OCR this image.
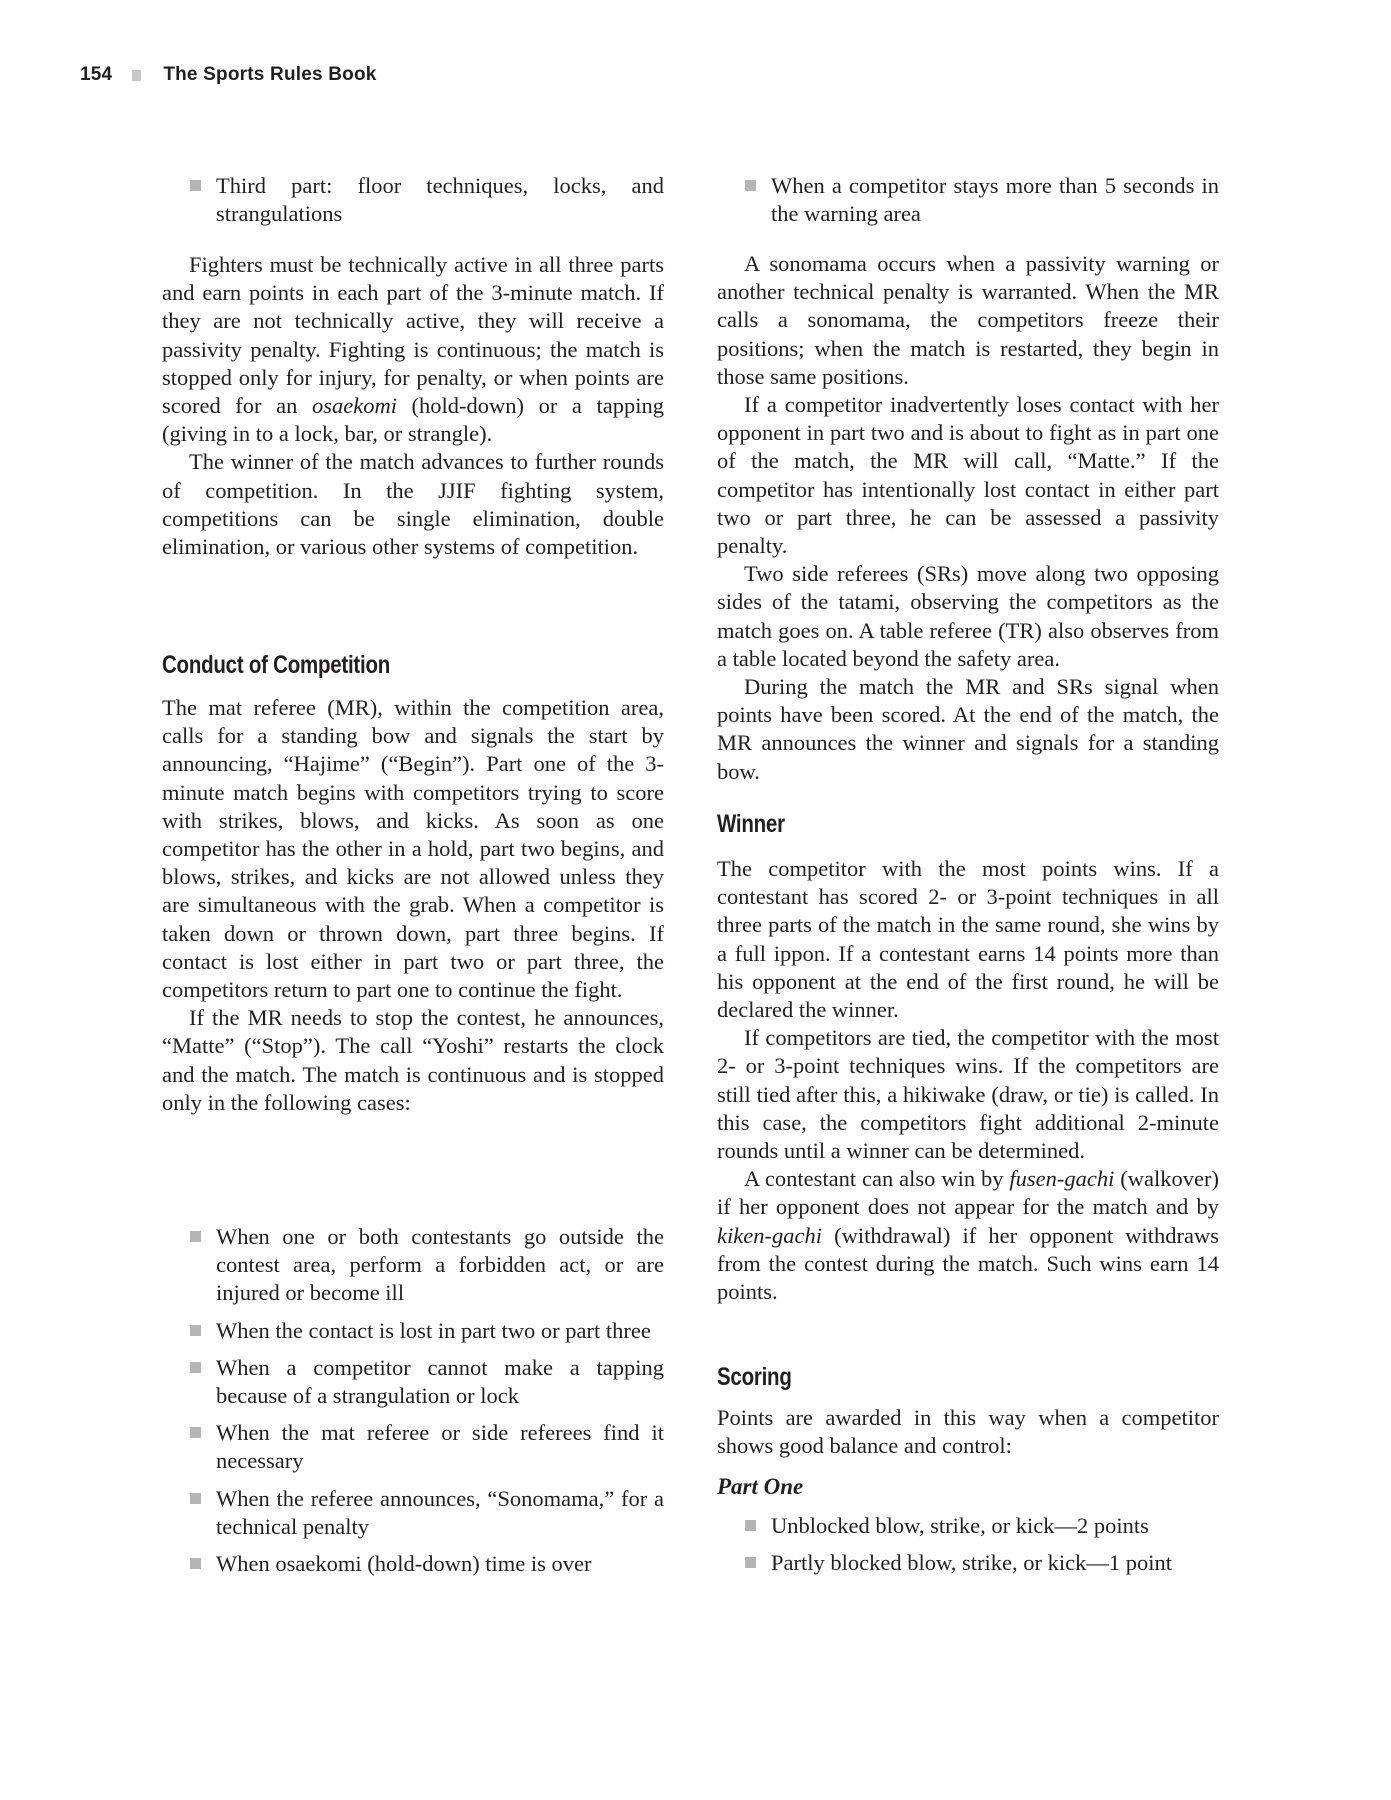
154	The Sports Rules Book
Third part: floor techniques, locks, and strangulations

Fighters must be technically active in all three parts and earn points in each part of the 3-minute match. If they are not technically active, they will receive a passivity penalty. Fighting is continuous; the match is stopped only for injury, for penalty, or when points are scored for an osaekomi (hold-down) or a tapping (giving in to a lock, bar, or strangle).

The winner of the match advances to further rounds of competition. In the JJIF fighting system, competitions can be single elimination, double elimination, or various other systems of competition.

Conduct of Competition

The mat referee (MR), within the competition area, calls for a standing bow and signals the start by announcing, “Hajime” (“Begin”). Part one of the 3-minute match begins with competitors trying to score with strikes, blows, and kicks. As soon as one competitor has the other in a hold, part two begins, and blows, strikes, and kicks are not allowed unless they are simultaneous with the grab. When a competitor is taken down or thrown down, part three begins. If contact is lost either in part two or part three, the competitors return to part one to continue the fight.

If the MR needs to stop the contest, he announces, “Matte” (“Stop”). The call “Yoshi” restarts the clock and the match. The match is continuous and is stopped only in the following cases:

When one or both contestants go outside the contest area, perform a forbidden act, or are injured or become ill
When the contact is lost in part two or part three
When a competitor cannot make a tapping because of a strangulation or lock
When the mat referee or side referees find it necessary
When the referee announces, “Sonomama,” for a technical penalty
When osaekomi (hold-down) time is over
When a competitor stays more than 5 seconds in the warning area

A sonomama occurs when a passivity warning or another technical penalty is warranted. When the MR calls a sonomama, the competitors freeze their positions; when the match is restarted, they begin in those same positions.

If a competitor inadvertently loses contact with her opponent in part two and is about to fight as in part one of the match, the MR will call, “Matte.” If the competitor has intentionally lost contact in either part two or part three, he can be assessed a passivity penalty.

Two side referees (SRs) move along two opposing sides of the tatami, observing the competitors as the match goes on. A table referee (TR) also observes from a table located beyond the safety area.

During the match the MR and SRs signal when points have been scored. At the end of the match, the MR announces the winner and signals for a standing bow.

Winner

The competitor with the most points wins. If a contestant has scored 2- or 3-point techniques in all three parts of the match in the same round, she wins by a full ippon. If a contestant earns 14 points more than his opponent at the end of the first round, he will be declared the winner.

If competitors are tied, the competitor with the most 2- or 3-point techniques wins. If the competitors are still tied after this, a hikiwake (draw, or tie) is called. In this case, the competitors fight additional 2-minute rounds until a winner can be determined.

A contestant can also win by fusen-gachi (walkover) if her opponent does not appear for the match and by kiken-gachi (withdrawal) if her opponent withdraws from the contest during the match. Such wins earn 14 points.

Scoring

Points are awarded in this way when a competitor shows good balance and control:

Part One
Unblocked blow, strike, or kick—2 points
Partly blocked blow, strike, or kick—1 point
